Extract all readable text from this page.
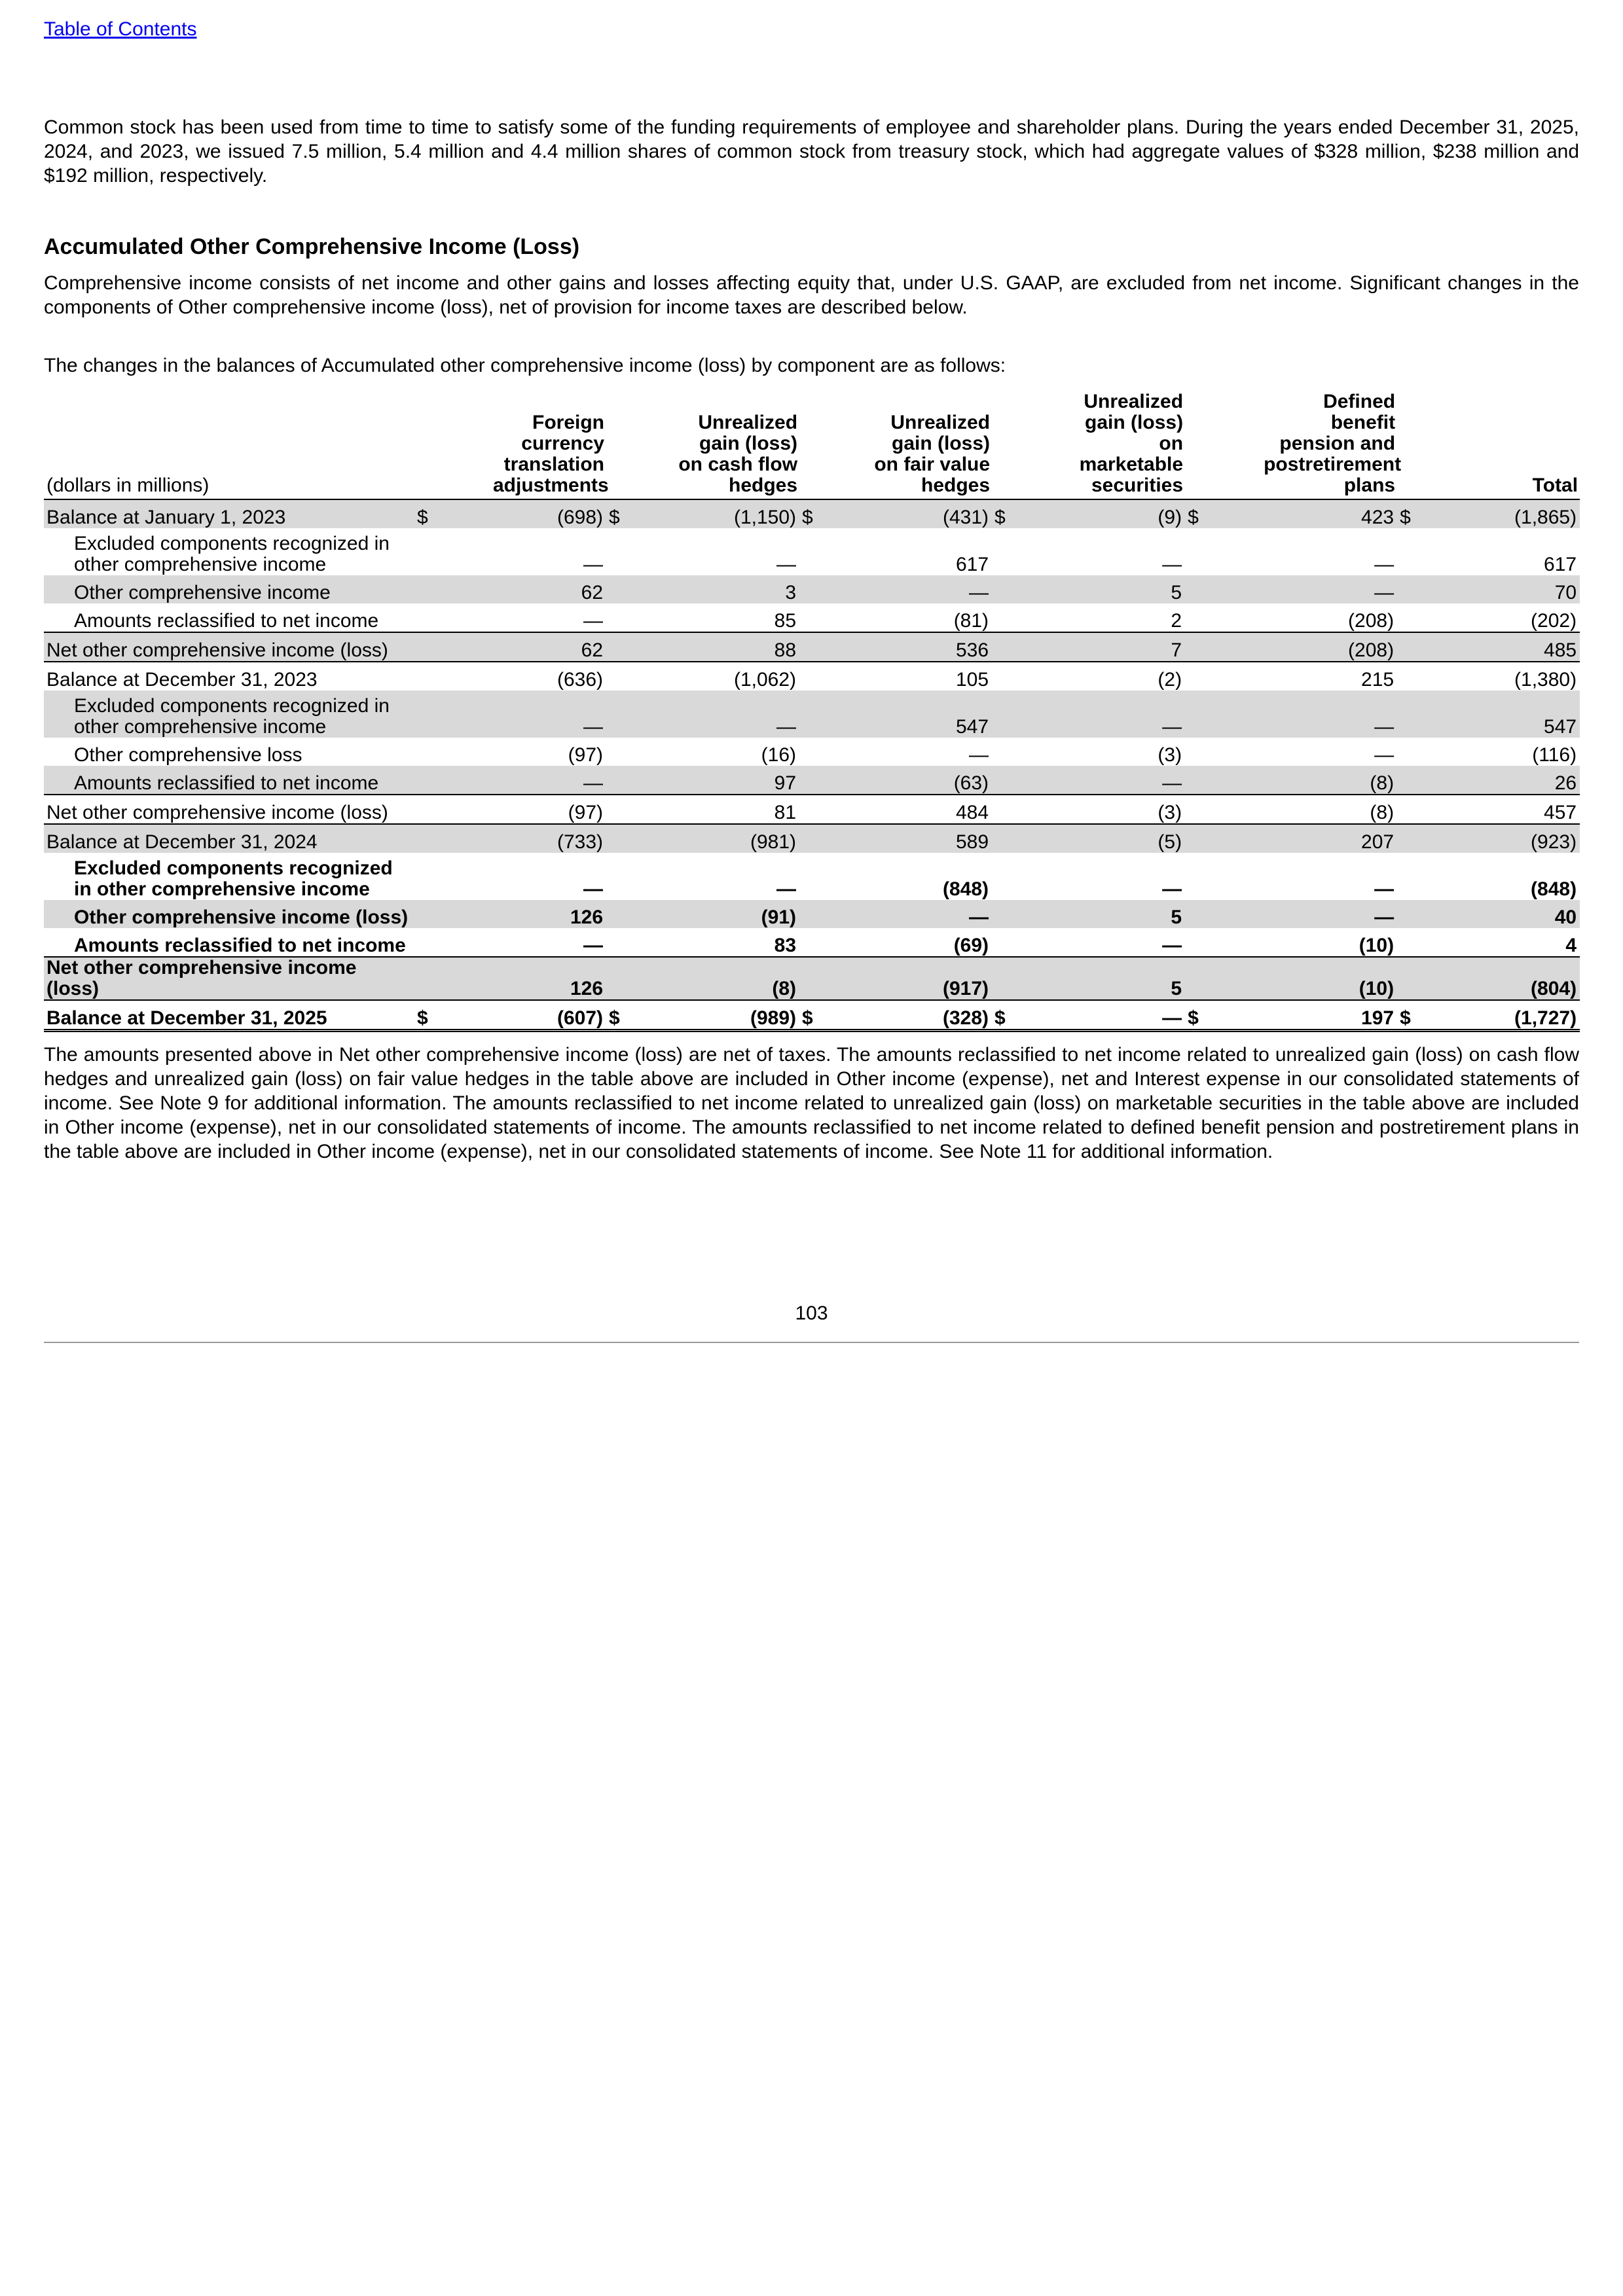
Table of Contents

Common stock has been used from time to time to satisfy some of the funding requirements of employee and shareholder plans. During the years ended December 31, 2025, 2024, and 2023, we issued 7.5 million, 5.4 million and 4.4 million shares of common stock from treasury stock, which had aggregate values of $328 million, $238 million and $192 million, respectively.

Accumulated Other Comprehensive Income (Loss)

Comprehensive income consists of net income and other gains and losses affecting equity that, under U.S. GAAP, are excluded from net income. Significant changes in the components of Other comprehensive income (loss), net of provision for income taxes are described below.

The changes in the balances of Accumulated other comprehensive income (loss) by component are as follows:

(dollars in millions)	Foreign currency translation adjustments		Unrealized gain (loss) on cash flow hedges		Unrealized gain (loss) on fair value hedges		Unrealized gain (loss) on marketable securities		Defined benefit pension and postretirement plans		Total	
Balance at January 1, 2023	$	(698)	$	(1,150)	$	(431)	$	(9)	$	423	$	(1,865)
Excluded components recognized in other comprehensive income		—		—		617		—		—		617
Other comprehensive income		62		3		—		5		—		70
Amounts reclassified to net income		—		85		(81)		2		(208)		(202)
Net other comprehensive income (loss)		62		88		536		7		(208)		485
Balance at December 31, 2023		(636)		(1,062)		105		(2)		215		(1,380)
Excluded components recognized in other comprehensive income		—		—		547		—		—		547
Other comprehensive loss		(97)		(16)		—		(3)		—		(116)
Amounts reclassified to net income		—		97		(63)		—		(8)		26
Net other comprehensive income (loss)		(97)		81		484		(3)		(8)		457
Balance at December 31, 2024		(733)		(981)		589		(5)		207		(923)
Excluded components recognized in other comprehensive income		—		—		(848)		—		—		(848)
Other comprehensive income (loss)		126		(91)		—		5		—		40
Amounts reclassified to net income		—		83		(69)		—		(10)		4
Net other comprehensive income (loss)		126		(8)		(917)		5		(10)		(804)
Balance at December 31, 2025	$	(607)	$	(989)	$	(328)	$	—	$	197	$	(1,727)

The amounts presented above in Net other comprehensive income (loss) are net of taxes. The amounts reclassified to net income related to unrealized gain (loss) on cash flow hedges and unrealized gain (loss) on fair value hedges in the table above are included in Other income (expense), net and Interest expense in our consolidated statements of income. See Note 9 for additional information. The amounts reclassified to net income related to unrealized gain (loss) on marketable securities in the table above are included in Other income (expense), net in our consolidated statements of income. The amounts reclassified to net income related to defined benefit pension and postretirement plans in the table above are included in Other income (expense), net in our consolidated statements of income. See Note 11 for additional information.

103
